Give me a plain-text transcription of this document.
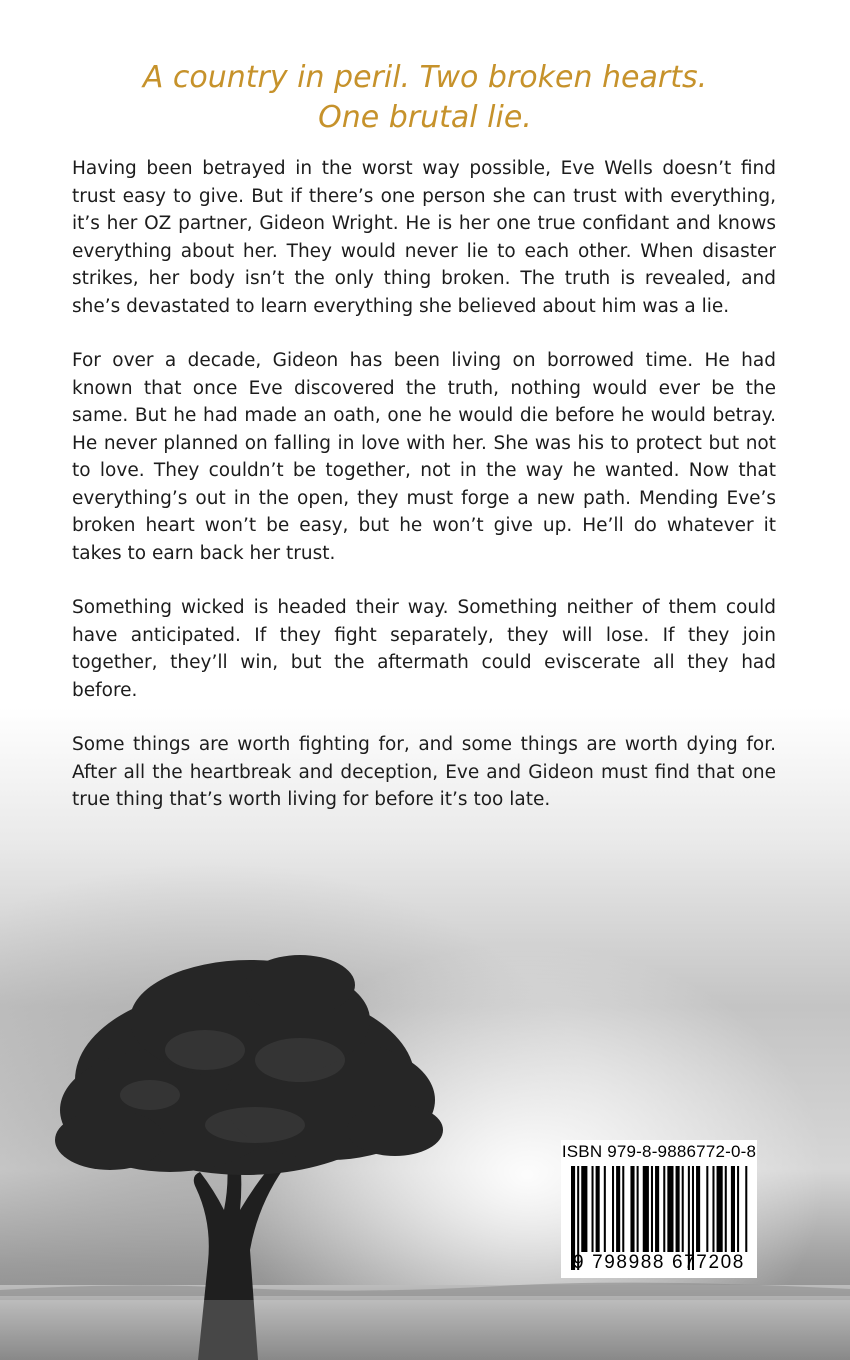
A country in peril. Two broken hearts.
One brutal lie.

Having been betrayed in the worst way possible, Eve Wells doesn’t find trust easy to give. But if there’s one person she can trust with everything, it’s her OZ partner, Gideon Wright. He is her one true confidant and knows everything about her. They would never lie to each other. When disaster strikes, her body isn’t the only thing broken. The truth is revealed, and she’s devastated to learn everything she believed about him was a lie.

For over a decade, Gideon has been living on borrowed time. He had known that once Eve discovered the truth, nothing would ever be the same. But he had made an oath, one he would die before he would betray. He never planned on falling in love with her. She was his to protect but not to love. They couldn’t be together, not in the way he wanted. Now that everything’s out in the open, they must forge a new path. Mending Eve’s broken heart won’t be easy, but he won’t give up. He’ll do whatever it takes to earn back her trust.

Something wicked is headed their way. Something neither of them could have anticipated. If they fight separately, they will lose. If they join together, they’ll win, but the aftermath could eviscerate all they had before.

Some things are worth fighting for, and some things are worth dying for. After all the heartbreak and deception, Eve and Gideon must find that one true thing that’s worth living for before it’s too late.

ISBN 979-8-9886772-0-8
9 798988 677208
